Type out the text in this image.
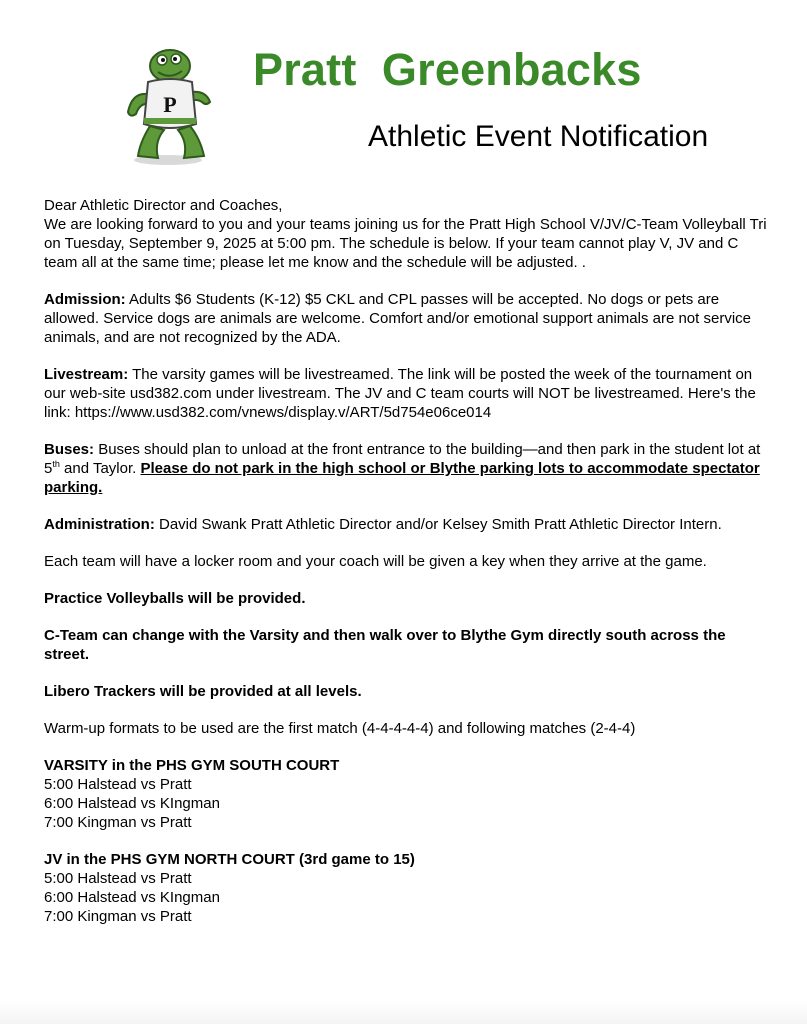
P
Pratt  Greenbacks
Athletic Event Notification

Dear Athletic Director and Coaches,

We are looking forward to you and your teams joining us for the Pratt High School V/JV/C-Team Volleyball Tri on Tuesday, September 9, 2025 at 5:00 pm. The schedule is below. If your team cannot play V, JV and C team all at the same time; please let me know and the schedule will be adjusted. .

Admission: Adults $6 Students (K-12) $5 CKL and CPL passes will be accepted. No dogs or pets are allowed. Service dogs are animals are welcome. Comfort and/or emotional support animals are not service animals, and are not recognized by the ADA.

Livestream: The varsity games will be livestreamed. The link will be posted the week of the tournament on our web-site usd382.com under livestream. The JV and C team courts will NOT be livestreamed. Here's the link: https://www.usd382.com/vnews/display.v/ART/5d754e06ce014

Buses: Buses should plan to unload at the front entrance to the building—and then park in the student lot at 5th and Taylor. Please do not park in the high school or Blythe parking lots to accommodate spectator parking.

Administration: David Swank Pratt Athletic Director and/or Kelsey Smith Pratt Athletic Director Intern.

Each team will have a locker room and your coach will be given a key when they arrive at the game.

Practice Volleyballs will be provided.

C-Team can change with the Varsity and then walk over to Blythe Gym directly south across the street.

Libero Trackers will be provided at all levels.

Warm-up formats to be used are the first match (4-4-4-4-4) and following matches (2-4-4)

VARSITY in the PHS GYM SOUTH COURT

5:00 Halstead vs Pratt

6:00 Halstead vs KIngman

7:00 Kingman vs Pratt

JV in the PHS GYM NORTH COURT (3rd game to 15)

5:00 Halstead vs Pratt

6:00 Halstead vs KIngman

7:00 Kingman vs Pratt
